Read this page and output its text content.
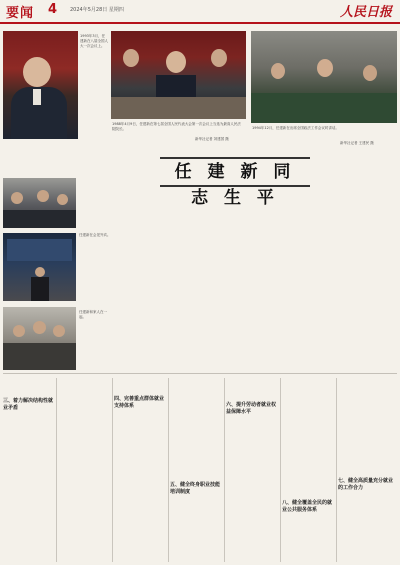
要闻 4	2024年5月28日 星期四	人民日报
1993年3月，任建新在八届全国人大一次会议上。
1988年4月9日，任建新在第七届全国人民代表大会第一次会议上当选为最高人民法院院长。
新华社记者 刘建国 摄
1994年12月，任建新在出席全国政法工作会议时讲话。
新华社记者 王建民 摄
任 建 新 同 志 生 平
任建新在会见外宾。
任建新和家人在一起。
三、着力解决结构性就业矛盾
四、完善重点群体就业支持体系
五、健全终身职业技能培训制度
六、提升劳动者就业权益保障水平
七、健全高质量充分就业的工作合力
八、健全覆盖全民的就业公共服务体系
